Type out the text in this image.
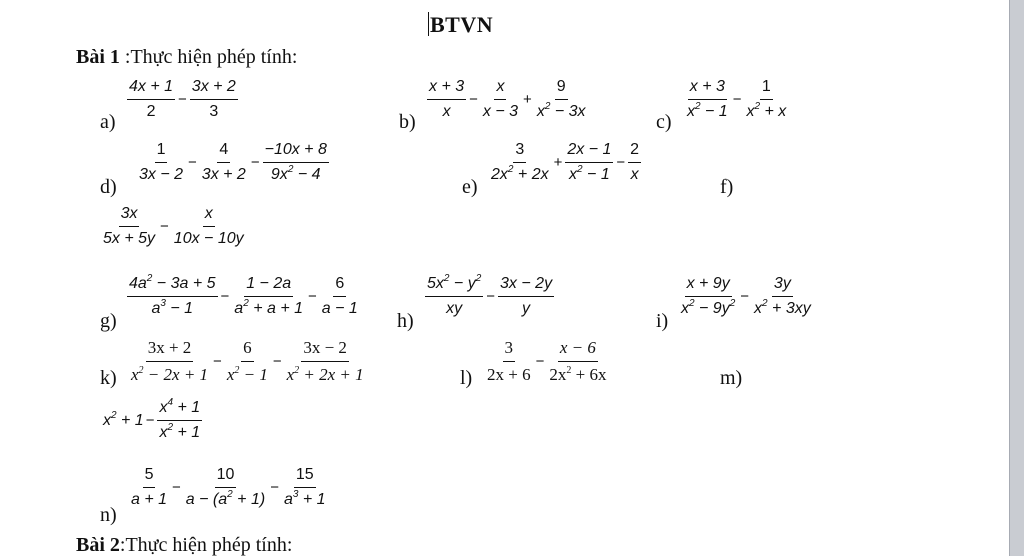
BTVN
Bài 1 :Thực hiện phép tính:
a)
$\frac{4x + 1}{2} - \frac{3x + 2}{3}$
b)
$\frac{x + 3}{x} - \frac{x}{x - 3} + \frac{9}{x^2 - 3x}$
c)
$\frac{x + 3}{x^2 - 1} - \frac{1}{x^2 + x}$
d)
$\frac{1}{3x - 2} - \frac{4}{3x + 2} - \frac{-10x + 8}{9x^2 - 4}$
e)
$\frac{3}{2x^2 + 2x} + \frac{2x - 1}{x^2 - 1} - \frac{2}{x}$
f)
$\frac{3x}{5x + 5y} - \frac{x}{10x - 10y}$
g)
$\frac{4a^2 - 3a + 5}{a^3 - 1} - \frac{1 - 2a}{a^2 + a + 1} - \frac{6}{a - 1}$
h)
$\frac{5x^2 - y^2}{xy} - \frac{3x - 2y}{y}$
i)
$\frac{x + 9y}{x^2 - 9y^2} - \frac{3y}{x^2 + 3xy}$
$k) \frac{3x + 2}{x^2 - 2x + 1} - \frac{6}{x^2 - 1} - \frac{3x - 2}{x^2 + 2x + 1}$	$l) \frac{3}{2x + 6} - \frac{x - 6}{2x^2 + 6x}$	m)
$x^2 + 1 - \frac{x^4 + 1}{x^2 + 1}$
n)
$\frac{5}{a + 1} - \frac{10}{a - (a^2 + 1)} - \frac{15}{a^3 + 1}$
Bài 2:Thực hiện phép tính:
